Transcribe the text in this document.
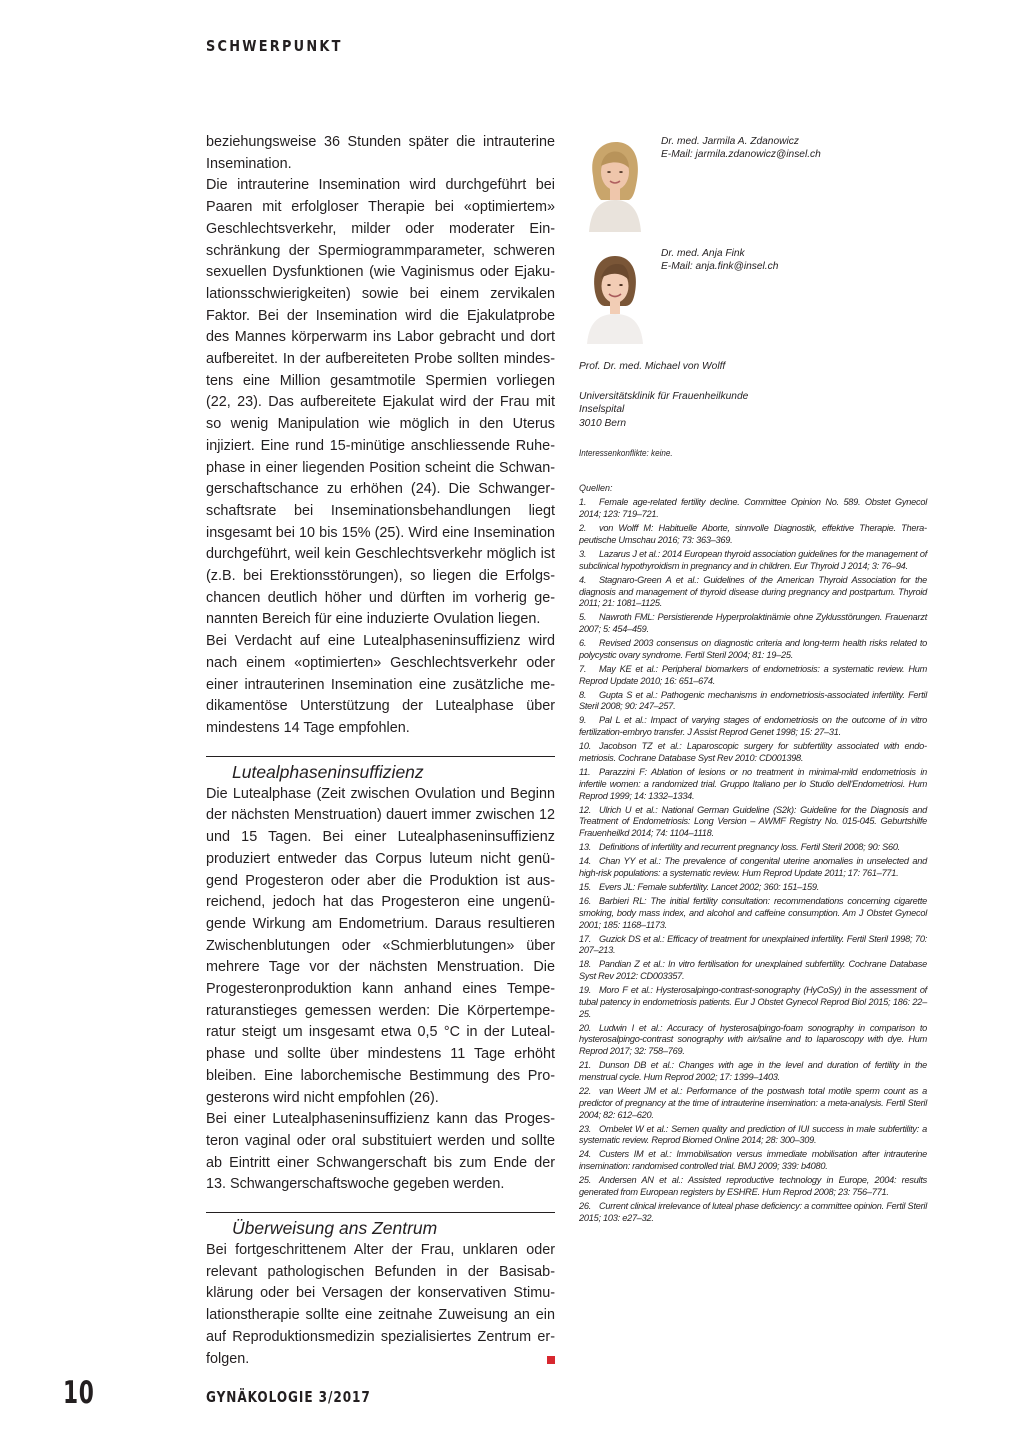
SCHWERPUNKT

beziehungsweise 36 Stunden später die intrauterine Insemination.

Die intrauterine Insemination wird durchgeführt bei Paaren mit erfolgloser Therapie bei «optimiertem» Geschlechtsverkehr, milder oder moderater Einschränkung der Spermiogrammparameter, schweren sexuellen Dysfunktionen (wie Vaginismus oder Ejakulationsschwierigkeiten) sowie bei einem zervikalen Faktor. Bei der Insemination wird die Ejakulatprobe des Mannes körperwarm ins Labor gebracht und dort aufbereitet. In der aufbereiteten Probe sollten mindestens eine Million gesamtmotile Spermien vorliegen (22, 23). Das aufbereitete Ejakulat wird der Frau mit so wenig Manipulation wie möglich in den Uterus injiziert. Eine rund 15-minütige anschliessende Ruhephase in einer liegenden Position scheint die Schwangerschaftschance zu erhöhen (24). Die Schwangerschaftsrate bei Inseminationsbehandlungen liegt insgesamt bei 10 bis 15% (25). Wird eine Insemination durchgeführt, weil kein Geschlechtsverkehr möglich ist (z.B. bei Erektionsstörungen), so liegen die Erfolgschancen deutlich höher und dürften im vorherig genannten Bereich für eine induzierte Ovulation liegen.

Bei Verdacht auf eine Lutealphaseninsuffizienz wird nach einem «optimierten» Geschlechtsverkehr oder einer intrauterinen Insemination eine zusätzliche medikamentöse Unterstützung der Lutealphase über mindestens 14 Tage empfohlen.

Lutealphaseninsuffizienz

Die Lutealphase (Zeit zwischen Ovulation und Beginn der nächsten Menstruation) dauert immer zwischen 12 und 15 Tagen. Bei einer Lutealphaseninsuffizienz produziert entweder das Corpus luteum nicht genügend Progesteron oder aber die Produktion ist ausreichend, jedoch hat das Progesteron eine ungenügende Wirkung am Endometrium. Daraus resultieren Zwischenblutungen oder «Schmierblutungen» über mehrere Tage vor der nächsten Menstruation. Die Progesteronproduktion kann anhand eines Temperaturanstieges gemessen werden: Die Körpertemperatur steigt um insgesamt etwa 0,5 °C in der Lutealphase und sollte über mindestens 11 Tage erhöht bleiben. Eine laborchemische Bestimmung des Progesterons wird nicht empfohlen (26).

Bei einer Lutealphaseninsuffizienz kann das Progesteron vaginal oder oral substituiert werden und sollte ab Eintritt einer Schwangerschaft bis zum Ende der 13. Schwangerschaftswoche gegeben werden.

Überweisung ans Zentrum

Bei fortgeschrittenem Alter der Frau, unklaren oder relevant pathologischen Befunden in der Basisabklärung oder bei Versagen der konservativen Stimulationstherapie sollte eine zeitnahe Zuweisung an ein auf Reproduktionsmedizin spezialisiertes Zentrum erfolgen.

Dr. med. Jarmila A. Zdanowicz
E-Mail: jarmila.zdanowicz@insel.ch
Dr. med. Anja Fink
E-Mail: anja.fink@insel.ch
Prof. Dr. med. Michael von Wolff
Universitätsklinik für Frauenheilkunde
Inselspital
3010 Bern
Interessenkonflikte: keine.
Quellen:
1. Female age-related fertility decline. Committee Opinion No. 589. Obstet Gynecol 2014; 123: 719–721.
2. von Wolff M: Habituelle Aborte, sinnvolle Diagnostik, effektive Therapie. Therapeutische Umschau 2016; 73: 363–369.
3. Lazarus J et al.: 2014 European thyroid association guidelines for the management of subclinical hypothyroidism in pregnancy and in children. Eur Thyroid J 2014; 3: 76–94.
4. Stagnaro-Green A et al.: Guidelines of the American Thyroid Association for the diagnosis and management of thyroid disease during pregnancy and postpartum. Thyroid 2011; 21: 1081–1125.
5. Nawroth FML: Persistierende Hyperprolaktinämie ohne Zyklusstörungen. Frauenarzt 2007; 5: 454–459.
6. Revised 2003 consensus on diagnostic criteria and long-term health risks related to polycystic ovary syndrome. Fertil Steril 2004; 81: 19–25.
7. May KE et al.: Peripheral biomarkers of endometriosis: a systematic review. Hum Reprod Update 2010; 16: 651–674.
8. Gupta S et al.: Pathogenic mechanisms in endometriosis-associated infertility. Fertil Steril 2008; 90: 247–257.
9. Pal L et al.: Impact of varying stages of endometriosis on the outcome of in vitro fertilization-embryo transfer. J Assist Reprod Genet 1998; 15: 27–31.
10. Jacobson TZ et al.: Laparoscopic surgery for subfertility associated with endometriosis. Cochrane Database Syst Rev 2010: CD001398.
11. Parazzini F: Ablation of lesions or no treatment in minimal-mild endometriosis in infertile women: a randomized trial. Gruppo Italiano per lo Studio dell'Endometriosi. Hum Reprod 1999; 14: 1332–1334.
12. Ulrich U et al.: National German Guideline (S2k): Guideline for the Diagnosis and Treatment of Endometriosis: Long Version – AWMF Registry No. 015-045. Geburtshilfe Frauenheilkd 2014; 74: 1104–1118.
13. Definitions of infertility and recurrent pregnancy loss. Fertil Steril 2008; 90: S60.
14. Chan YY et al.: The prevalence of congenital uterine anomalies in unselected and high-risk populations: a systematic review. Hum Reprod Update 2011; 17: 761–771.
15. Evers JL: Female subfertility. Lancet 2002; 360: 151–159.
16. Barbieri RL: The initial fertility consultation: recommendations concerning cigarette smoking, body mass index, and alcohol and caffeine consumption. Am J Obstet Gynecol 2001; 185: 1168–1173.
17. Guzick DS et al.: Efficacy of treatment for unexplained infertility. Fertil Steril 1998; 70: 207–213.
18. Pandian Z et al.: In vitro fertilisation for unexplained subfertility. Cochrane Database Syst Rev 2012: CD003357.
19. Moro F et al.: Hysterosalpingo-contrast-sonography (HyCoSy) in the assessment of tubal patency in endometriosis patients. Eur J Obstet Gynecol Reprod Biol 2015; 186: 22–25.
20. Ludwin I et al.: Accuracy of hysterosalpingo-foam sonography in comparison to hysterosalpingo-contrast sonography with air/saline and to laparoscopy with dye. Hum Reprod 2017; 32: 758–769.
21. Dunson DB et al.: Changes with age in the level and duration of fertility in the menstrual cycle. Hum Reprod 2002; 17: 1399–1403.
22. van Weert JM et al.: Performance of the postwash total motile sperm count as a predictor of pregnancy at the time of intrauterine insemination: a meta-analysis. Fertil Steril 2004; 82: 612–620.
23. Ombelet W et al.: Semen quality and prediction of IUI success in male subfertility: a systematic review. Reprod Biomed Online 2014; 28: 300–309.
24. Custers IM et al.: Immobilisation versus immediate mobilisation after intrauterine insemination: randomised controlled trial. BMJ 2009; 339: b4080.
25. Andersen AN et al.: Assisted reproductive technology in Europe, 2004: results generated from European registers by ESHRE. Hum Reprod 2008; 23: 756–771.
26. Current clinical irrelevance of luteal phase deficiency: a committee opinion. Fertil Steril 2015; 103: e27–32.
10	GYNÄKOLOGIE 3/2017
